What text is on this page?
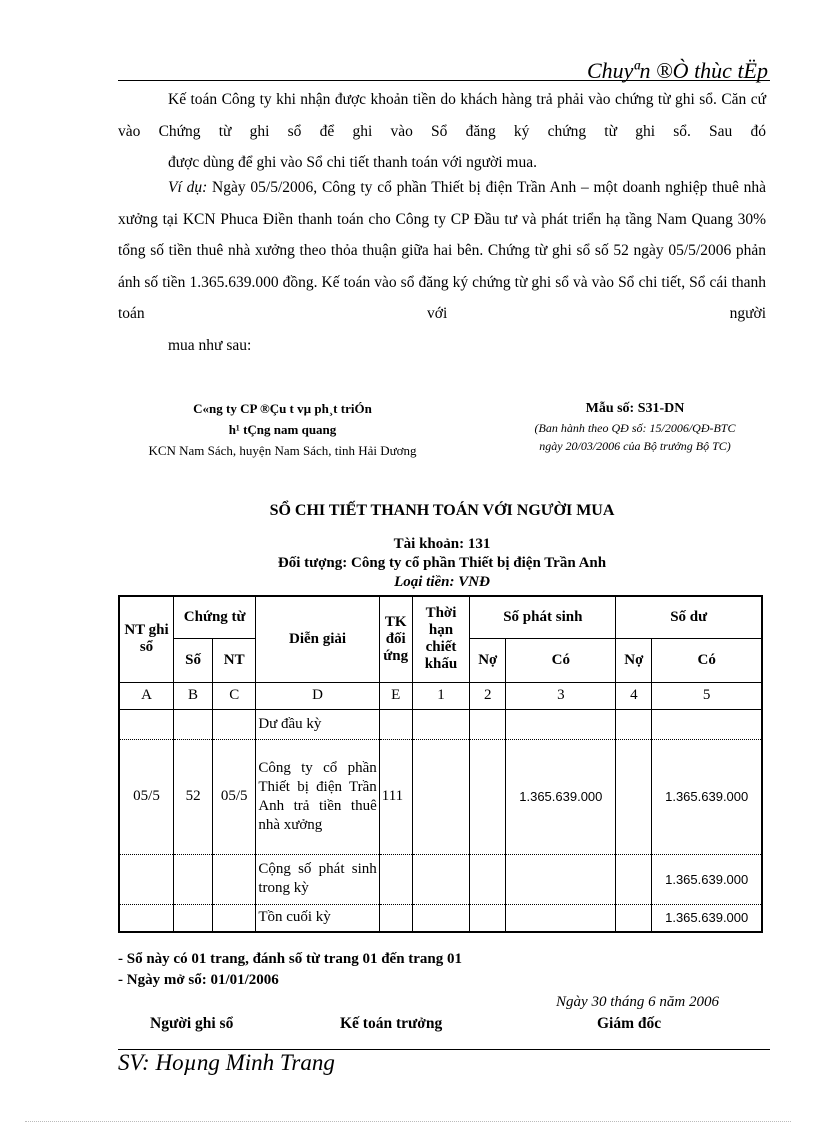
Chuyªn ®Ò thùc tËp
Kế toán Công ty khi nhận được khoản tiền do khách hàng trả phải vào chứng từ ghi sổ. Căn cứ vào Chứng từ ghi sổ để ghi vào Sổ đăng ký chứng từ ghi sổ. Sau đó
được dùng để ghi vào Sổ chi tiết thanh toán với người mua.
Ví dụ: Ngày 05/5/2006, Công ty cổ phần Thiết bị điện Trần Anh – một doanh nghiệp thuê nhà xưởng tại KCN Phuca Điền thanh toán cho Công ty CP Đầu tư và phát triển hạ tầng Nam Quang 30% tổng số tiền thuê nhà xưởng theo thỏa thuận giữa hai bên. Chứng từ ghi sổ số 52 ngày 05/5/2006 phản ánh số tiền 1.365.639.000 đồng. Kế toán vào sổ đăng ký chứng từ ghi sổ và vào Sổ chi tiết, Sổ cái thanh toán với người
mua như sau:
C«ng ty CP ®Çu t vµ ph¸t triÓn
h¹ tÇng nam quang
KCN Nam Sách, huyện Nam Sách, tỉnh Hải Dương
Mẫu số: S31-DN
(Ban hành theo QĐ số: 15/2006/QĐ-BTC
ngày 20/03/2006 của Bộ trưởng Bộ TC)
SỔ CHI TIẾT THANH TOÁN VỚI NGƯỜI MUA
Tài khoản: 131
Đối tượng: Công ty cổ phần Thiết bị điện Trần Anh
Loại tiền: VNĐ
NT ghi sổ	Chứng từ		Diễn giải	TK đối ứng	Thời hạn chiết khấu	Số phát sinh		Số dư	
	Số	NT				Nợ	Có	Nợ	Có
A	B	C	D	E	1	2	3	4	5
			Dư đầu kỳ						
05/5	52	05/5	Công ty cổ phần Thiết bị điện Trần Anh trả tiền thuê nhà xưởng	111			1.365.639.000		1.365.639.000
			Cộng số phát sinh trong kỳ						1.365.639.000
			Tồn cuối kỳ						1.365.639.000
- Sổ này có 01 trang, đánh số từ trang 01 đến trang 01
- Ngày mở sổ: 01/01/2006
Ngày 30 tháng 6 năm 2006
Người ghi sổ	Kế toán trưởng	Giám đốc
SV: Hoµng Minh Trang
